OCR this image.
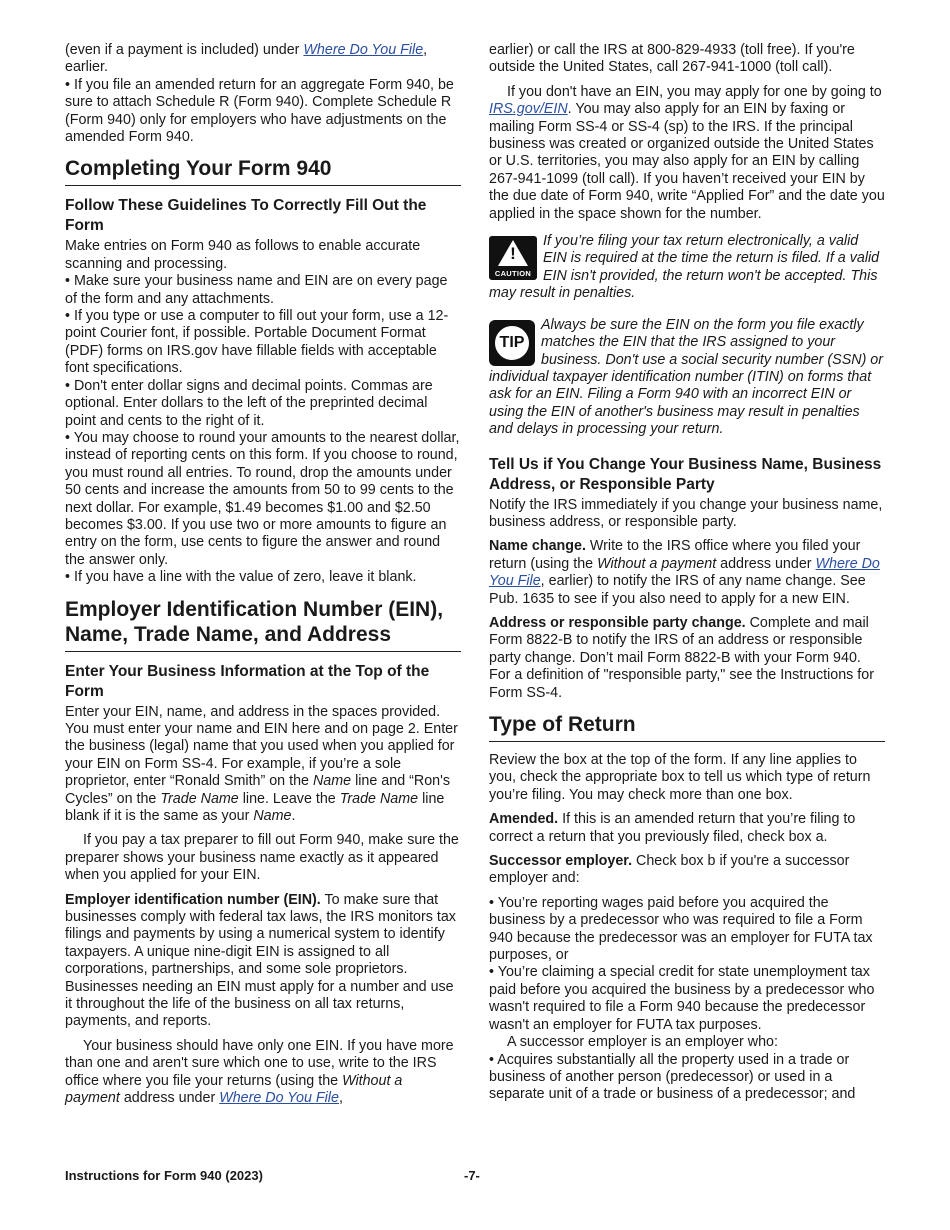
(even if a payment is included) under Where Do You File, earlier.

• If you file an amended return for an aggregate Form 940, be sure to attach Schedule R (Form 940). Complete Schedule R (Form 940) only for employers who have adjustments on the amended Form 940.

Completing Your Form 940
Follow These Guidelines To Correctly Fill Out the Form

Make entries on Form 940 as follows to enable accurate scanning and processing.

• Make sure your business name and EIN are on every page of the form and any attachments.

• If you type or use a computer to fill out your form, use a 12-point Courier font, if possible. Portable Document Format (PDF) forms on IRS.gov have fillable fields with acceptable font specifications.

• Don't enter dollar signs and decimal points. Commas are optional. Enter dollars to the left of the preprinted decimal point and cents to the right of it.

• You may choose to round your amounts to the nearest dollar, instead of reporting cents on this form. If you choose to round, you must round all entries. To round, drop the amounts under 50 cents and increase the amounts from 50 to 99 cents to the next dollar. For example, $1.49 becomes $1.00 and $2.50 becomes $3.00. If you use two or more amounts to figure an entry on the form, use cents to figure the answer and round the answer only.

• If you have a line with the value of zero, leave it blank.

Employer Identification Number (EIN), Name, Trade Name, and Address
Enter Your Business Information at the Top of the Form

Enter your EIN, name, and address in the spaces provided. You must enter your name and EIN here and on page 2. Enter the business (legal) name that you used when you applied for your EIN on Form SS-4. For example, if you’re a sole proprietor, enter “Ronald Smith” on the Name line and “Ron's Cycles” on the Trade Name line. Leave the Trade Name line blank if it is the same as your Name.

If you pay a tax preparer to fill out Form 940, make sure the preparer shows your business name exactly as it appeared when you applied for your EIN.

Employer identification number (EIN). To make sure that businesses comply with federal tax laws, the IRS monitors tax filings and payments by using a numerical system to identify taxpayers. A unique nine-digit EIN is assigned to all corporations, partnerships, and some sole proprietors. Businesses needing an EIN must apply for a number and use it throughout the life of the business on all tax returns, payments, and reports.

Your business should have only one EIN. If you have more than one and aren't sure which one to use, write to the IRS office where you file your returns (using the Without a payment address under Where Do You File,

earlier) or call the IRS at 800-829-4933 (toll free). If you're outside the United States, call 267-941-1000 (toll call).

If you don't have an EIN, you may apply for one by going to IRS.gov/EIN. You may also apply for an EIN by faxing or mailing Form SS-4 or SS-4 (sp) to the IRS. If the principal business was created or organized outside the United States or U.S. territories, you may also apply for an EIN by calling 267-941-1099 (toll call). If you haven’t received your EIN by the due date of Form 940, write “Applied For” and the date you applied in the space shown for the number.

!
CAUTION
If you’re filing your tax return electronically, a valid EIN is required at the time the return is filed. If a valid EIN isn't provided, the return won't be accepted. This may result in penalties.
TIP
Always be sure the EIN on the form you file exactly matches the EIN that the IRS assigned to your business. Don't use a social security number (SSN) or individual taxpayer identification number (ITIN) on forms that ask for an EIN. Filing a Form 940 with an incorrect EIN or using the EIN of another's business may result in penalties and delays in processing your return.
Tell Us if You Change Your Business Name, Business Address, or Responsible Party

Notify the IRS immediately if you change your business name, business address, or responsible party.

Name change. Write to the IRS office where you filed your return (using the Without a payment address under Where Do You File, earlier) to notify the IRS of any name change. See Pub. 1635 to see if you also need to apply for a new EIN.

Address or responsible party change. Complete and mail Form 8822-B to notify the IRS of an address or responsible party change. Don’t mail Form 8822-B with your Form 940. For a definition of "responsible party," see the Instructions for Form SS-4.

Type of Return

Review the box at the top of the form. If any line applies to you, check the appropriate box to tell us which type of return you’re filing. You may check more than one box.

Amended. If this is an amended return that you’re filing to correct a return that you previously filed, check box a.

Successor employer. Check box b if you're a successor employer and:

• You’re reporting wages paid before you acquired the business by a predecessor who was required to file a Form 940 because the predecessor was an employer for FUTA tax purposes, or

• You’re claiming a special credit for state unemployment tax paid before you acquired the business by a predecessor who wasn't required to file a Form 940 because the predecessor wasn't an employer for FUTA tax purposes.

A successor employer is an employer who:

• Acquires substantially all the property used in a trade or business of another person (predecessor) or used in a separate unit of a trade or business of a predecessor; and

Instructions for Form 940 (2023)	-7-
